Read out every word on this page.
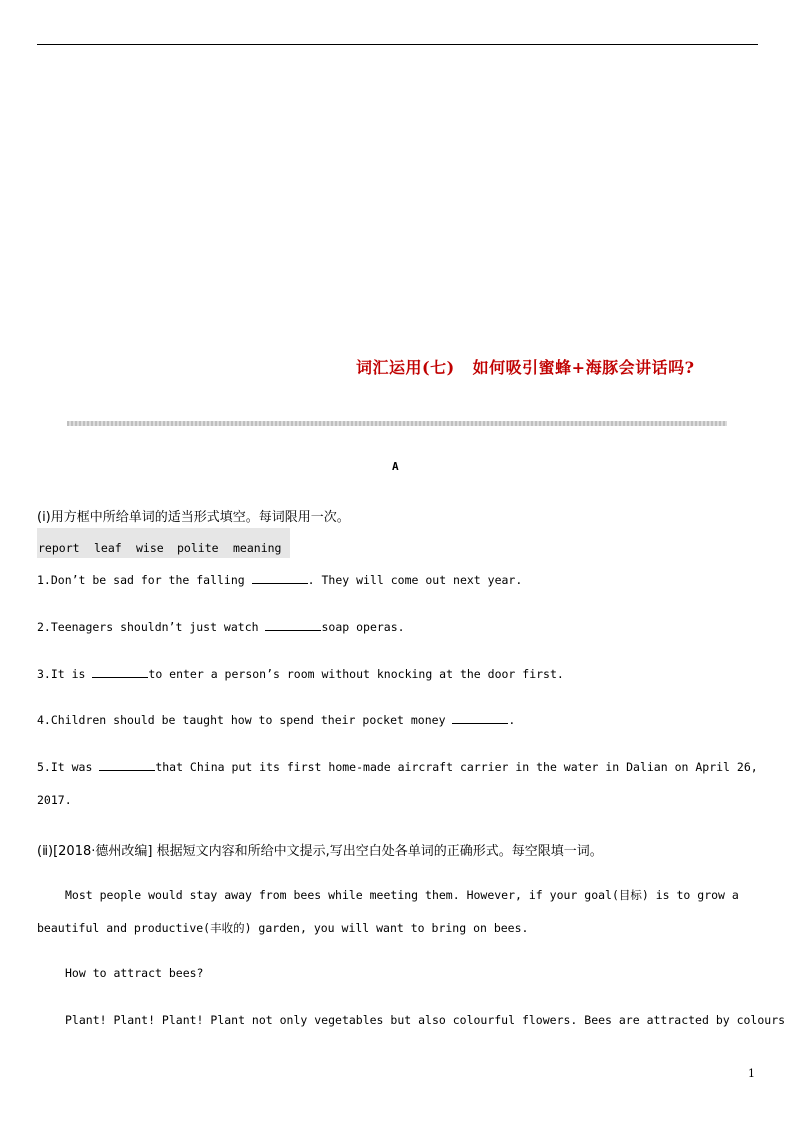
词汇运用(七) 如何吸引蜜蜂+海豚会讲话吗?
A
(ⅰ)用方框中所给单词的适当形式填空。每词限用一次。
report leaf wise polite meaning
1.Don’t be sad for the falling	. They will come out next year.
2.Teenagers shouldn’t just watch	soap operas.
3.It is	to enter a person’s room without knocking at the door first.
4.Children should be taught how to spend their pocket money	.
5.It was	that China put its first home-made aircraft carrier in the water in Dalian on April 26,
2017.
(ⅱ)[2018·德州改编] 根据短文内容和所给中文提示,写出空白处各单词的正确形式。每空限填一词。
Most people would stay away from bees while meeting them. However, if your goal(目标) is to grow a
beautiful and productive(丰收的) garden, you will want to bring on bees.
How to attract bees?
Plant! Plant! Plant! Plant not only vegetables but also colourful flowers. Bees are attracted by colours
1
